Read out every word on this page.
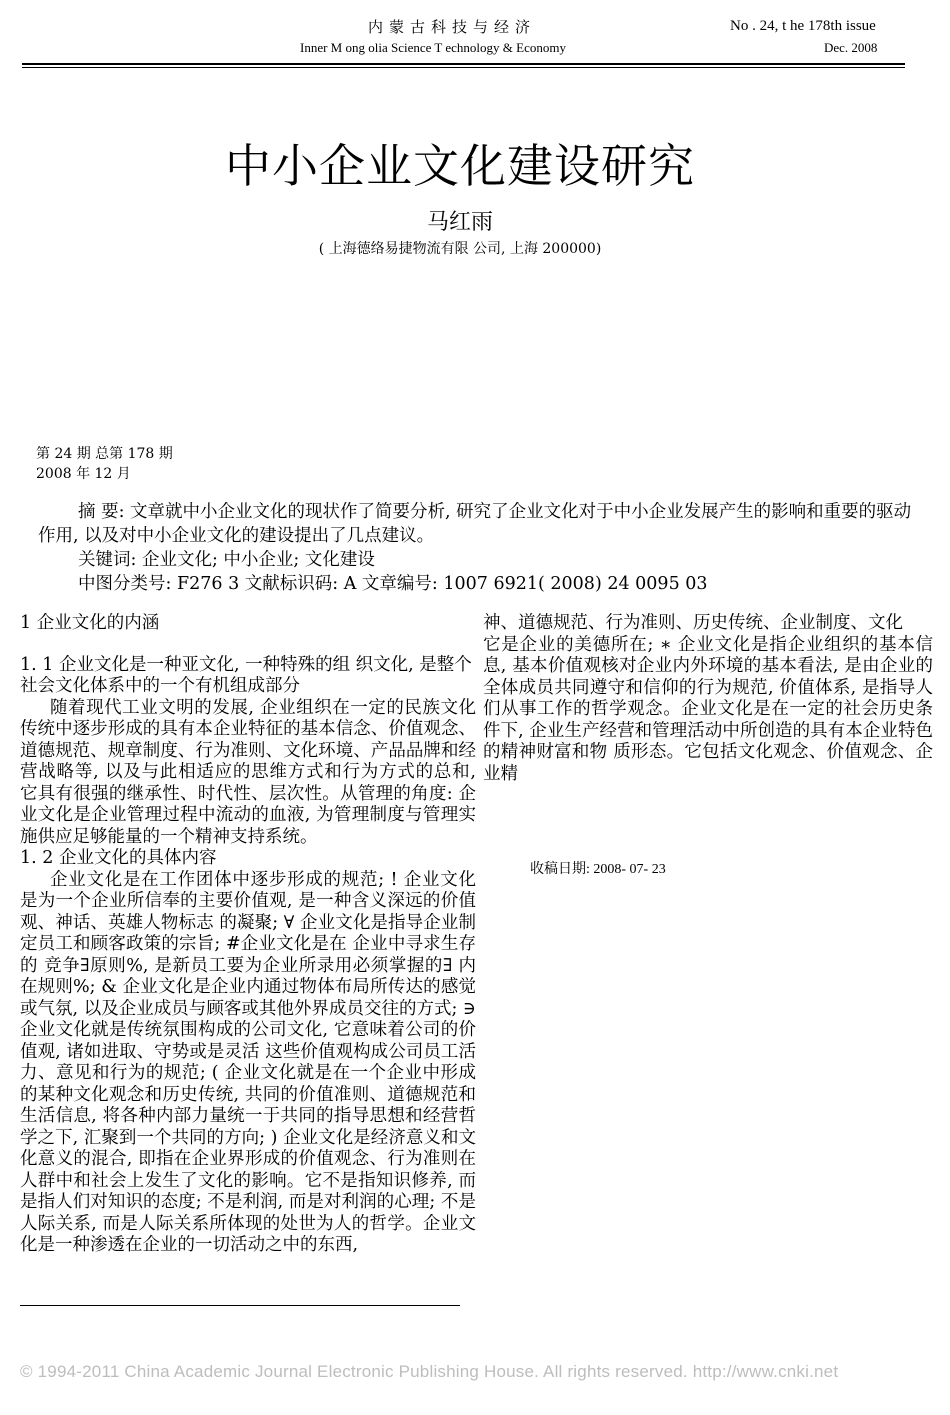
内蒙古科技与经济
Inner M ong olia Science T echnology & Economy
No . 24, t he 178th issue
Dec. 2008
中小企业文化建设研究
马红雨
( 上海德络易捷物流有限 公司, 上海 200000)
第 24 期 总第 178 期
2008 年 12 月
摘 要: 文章就中小企业文化的现状作了简要分析, 研究了企业文化对于中小企业发展产生的影响和重要的驱动作用, 以及对中小企业文化的建设提出了几点建议。
关键词: 企业文化; 中小企业; 文化建设
中图分类号: F276 3 文献标识码: A 文章编号: 1007 6921( 2008) 24 0095 03

1 企业文化的内涵

1. 1 企业文化是一种亚文化, 一种特殊的组 织文化, 是整个社会文化体系中的一个有机组成部分

随着现代工业文明的发展, 企业组织在一定的民族文化传统中逐步形成的具有本企业特征的基本信念、价值观念、道德规范、规章制度、行为准则、文化环境、产品品牌和经营战略等, 以及与此相适应的思维方式和行为方式的总和, 它具有很强的继承性、时代性、层次性。从管理的角度: 企业文化是企业管理过程中流动的血液, 为管理制度与管理实施供应足够能量的一个精神支持系统。

1. 2 企业文化的具体内容

企业文化是在工作团体中逐步形成的规范; ! 企业文化是为一个企业所信奉的主要价值观, 是一种含义深远的价值观、神话、英雄人物标志 的凝聚; ∀ 企业文化是指导企业制定员工和顾客政策的宗旨; #企业文化是在 企业中寻求生存的 竞争∃原则%, 是新员工要为企业所录用必须掌握的∃ 内在规则%; & 企业文化是企业内通过物体布局所传达的感觉或气氛, 以及企业成员与顾客或其他外界成员交往的方式; ∋企业文化就是传统氛围构成的公司文化, 它意味着公司的价值观, 诸如进取、守势或是灵活 这些价值观构成公司员工活力、意见和行为的规范; ( 企业文化就是在一个企业中形成的某种文化观念和历史传统, 共同的价值准则、道德规范和生活信息, 将各种内部力量统一于共同的指导思想和经营哲学之下, 汇聚到一个共同的方向; ) 企业文化是经济意义和文化意义的混合, 即指在企业界形成的价值观念、行为准则在人群中和社会上发生了文化的影响。它不是指知识修养, 而是指人们对知识的态度; 不是利润, 而是对利润的心理; 不是人际关系, 而是人际关系所体现的处世为人的哲学。企业文化是一种渗透在企业的一切活动之中的东西,

神、道德规范、行为准则、历史传统、企业制度、文化

它是企业的美德所在; ∗ 企业文化是指企业组织的基本信息, 基本价值观核对企业内外环境的基本看法, 是由企业的全体成员共同遵守和信仰的行为规范, 价值体系, 是指导人们从事工作的哲学观念。企业文化是在一定的社会历史条件下, 企业生产经营和管理活动中所创造的具有本企业特色的精神财富和物 质形态。它包括文化观念、价值观念、企业精

收稿日期: 2008- 07- 23
© 1994-2011 China Academic Journal Electronic Publishing House. All rights reserved. http://www.cnki.net
